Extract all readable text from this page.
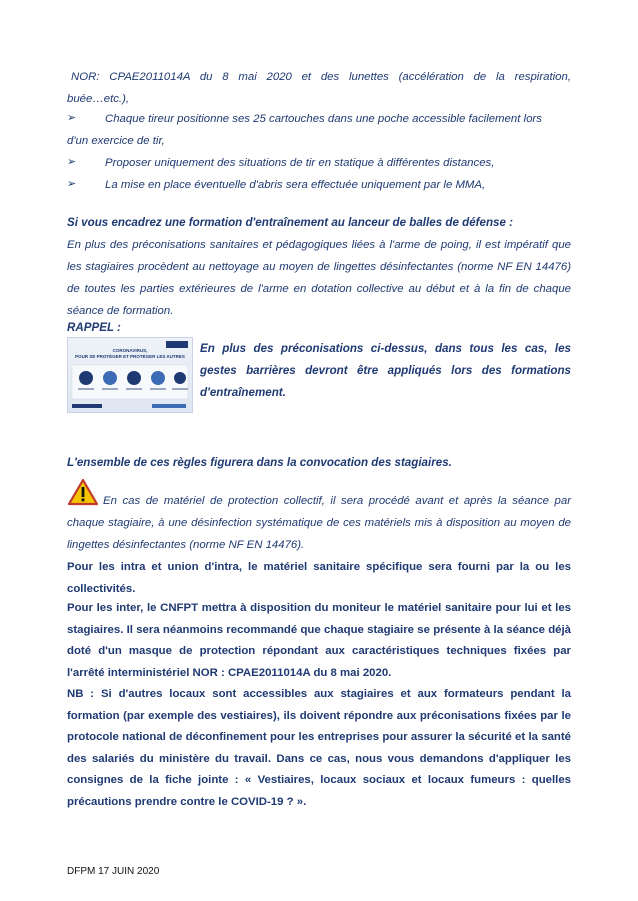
NOR: CPAE2011014A du 8 mai 2020 et des lunettes (accélération de la respiration,
buée…etc.),
➢	Chaque tireur positionne ses 25 cartouches dans une poche accessible facilement lors
d'un exercice de tir,
➢	Proposer uniquement des situations de tir en statique à différentes distances,
➢	La mise en place éventuelle d'abris sera effectuée uniquement par le MMA,
Si vous encadrez une formation d'entraînement au lanceur de balles de défense :
En plus des préconisations sanitaires et pédagogiques liées à l'arme de poing, il est impératif que les stagiaires procèdent au nettoyage au moyen de lingettes désinfectantes (norme NF EN 14476) de toutes les parties extérieures de l'arme en dotation collective au début et à la fin de chaque séance de formation.
RAPPEL :
CORONAVIRUS,
POUR SE PROTÉGER ET PROTÉGER LES AUTRES
En plus des préconisations ci-dessus, dans tous les cas, les gestes barrières devront être appliqués lors des formations d'entraînement.
L'ensemble de ces règles figurera dans la convocation des stagiaires.
En cas de matériel de protection collectif, il sera procédé avant et après la séance par chaque stagiaire, à une désinfection systématique de ces matériels mis à disposition au moyen de lingettes désinfectantes (norme NF EN 14476).
Pour les intra et union d'intra, le matériel sanitaire spécifique sera fourni par la ou les collectivités.
Pour les inter, le CNFPT mettra à disposition du moniteur le matériel sanitaire pour lui et les stagiaires. Il sera néanmoins recommandé que chaque stagiaire se présente à la séance déjà doté d'un masque de protection répondant aux caractéristiques techniques fixées par l'arrêté interministériel NOR : CPAE2011014A du 8 mai 2020.
NB : Si d'autres locaux sont accessibles aux stagiaires et aux formateurs pendant la formation (par exemple des vestiaires), ils doivent répondre aux préconisations fixées par le protocole national de déconfinement pour les entreprises pour assurer la sécurité et la santé des salariés du ministère du travail. Dans ce cas, nous vous demandons d'appliquer les consignes de la fiche jointe : « Vestiaires, locaux sociaux et locaux fumeurs : quelles précautions prendre contre le COVID-19 ? ».
DFPM 17 JUIN 2020
